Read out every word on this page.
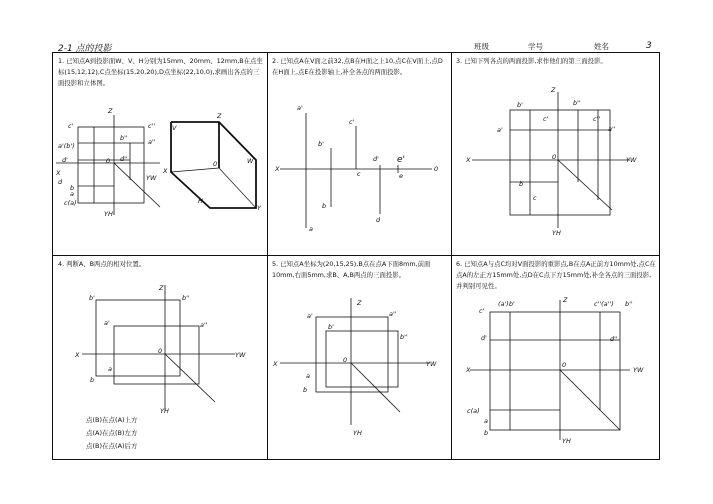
2-1 点的投影	班级	学号	姓名	3
1. 已知点A到投影面W、V、H分别为15mm、20mm、12mm,B在点坐标(15,12,12),C点坐标(15,20,20),D点坐标(22,10,0),求画出各点的三面投影和立体图。
2. 已知点A在V面之前32,点B在H面之上10,点C在V面上,点D在H面上,点E在投影轴上,补全各点的两面投影。
3. 已知下列各点的两面投影,求作他们的第三面投影。
4. 判断A、B两点的相对位置。	5. 已知点A坐标为(20,15,25),B点在点A下面8mm,前面10mm,右面5mm,求B、A,B两点的三面投影。
6. 已知点A与点C均对V面投影的重影点,B在点A正前方10mm处,点C在点A的左正方15mm处,点D在C点下方15mm处,补全各点的三面投影,并判别可见性。
Z
X
0
YW
YH
c'	c''
b''	a''
a'(b')
d'	d''
d
b
a
c(a)
Z
V
X
W
0
H
Y
X	0
a'
c'
b'
d' e'
c	e
b
d
a
Z
X	0	YW
YH
b'	b''
c'	c''
a'	a''
b
c
Z
X	0	YW
YH
b'	b''
a'	a''
a
b
点(B)在点(A)上方
点(A)在点(B)左方
点(B)在点(A)后方
Z
X	0	YW
YH
a'	a''
b'
b''
a
b
Z
X
0
YW
YH
(a')b'	c''(a'') b''
c'
d'	d''
c(a)
a
b
